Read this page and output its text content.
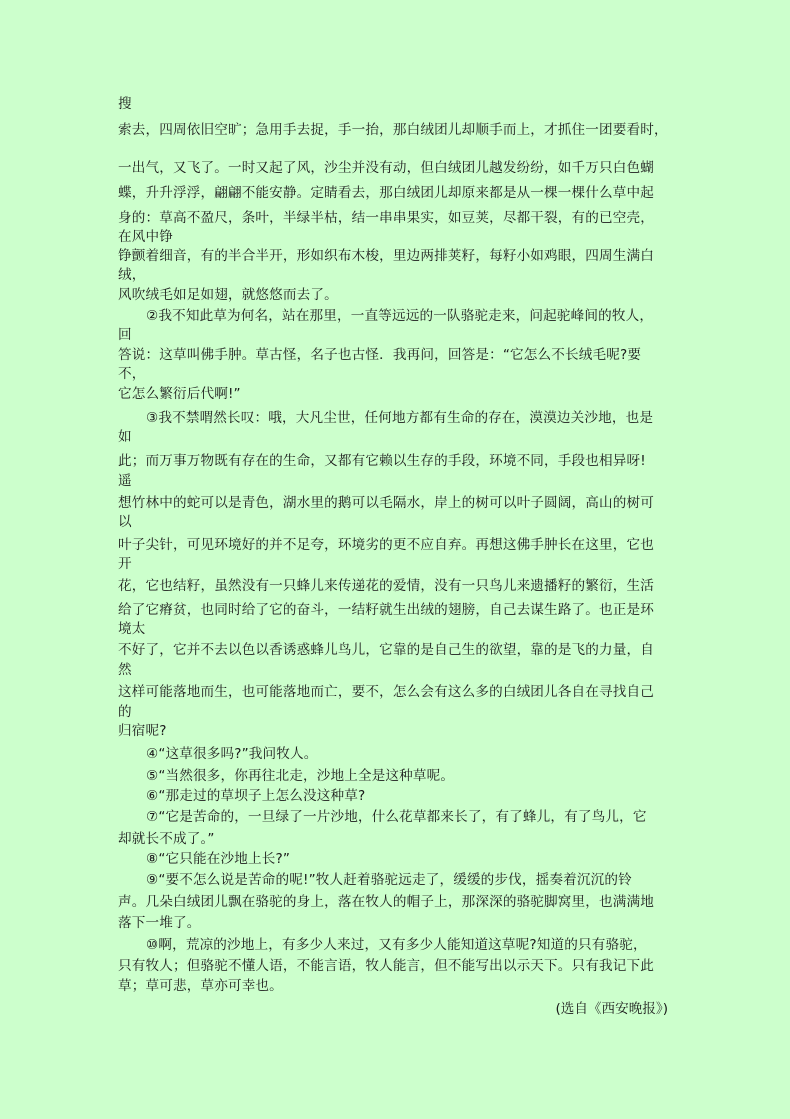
搜
索去，四周依旧空旷；急用手去捉，手一抬，那白绒团儿却顺手而上，才抓住一团要看时，
一出气，又飞了。一时又起了风，沙尘并没有动，但白绒团儿越发纷纷，如千万只白色蝴
蝶，升升浮浮，翩翩不能安静。定睛看去，那白绒团儿却原来都是从一棵一棵什么草中起
身的：草高不盈尺，条叶，半绿半枯，结一串串果实，如豆荚，尽都干裂，有的已空壳，
在风中铮
铮颤着细音，有的半合半开，形如织布木梭，里边两排荚籽，每籽小如鸡眼，四周生满白
绒，
风吹绒毛如足如翅，就悠悠而去了。
②我不知此草为何名，站在那里，一直等远远的一队骆驼走来，问起驼峰间的牧人，
回
答说：这草叫佛手肿。草古怪，名子也古怪．我再问，回答是：“它怎么不长绒毛呢?要
不，
它怎么繁衍后代啊!”
③我不禁喟然长叹：哦，大凡尘世，任何地方都有生命的存在，漠漠边关沙地，也是
如
此；而万事万物既有存在的生命，又都有它赖以生存的手段，环境不同，手段也相异呀!
遥
想竹林中的蛇可以是青色，湖水里的鹅可以毛隔水，岸上的树可以叶子圆阔，高山的树可
以
叶子尖针，可见环境好的并不足夸，环境劣的更不应自弃。再想这佛手肿长在这里，它也
开
花，它也结籽，虽然没有一只蜂儿来传递花的爱情，没有一只鸟儿来遗播籽的繁衍，生活
给了它瘠贫，也同时给了它的奋斗，一结籽就生出绒的翅膀，自己去谋生路了。也正是环
境太
不好了，它并不去以色以香诱惑蜂儿鸟儿，它靠的是自己生的欲望，靠的是飞的力量，自
然
这样可能落地而生，也可能落地而亡，要不，怎么会有这么多的白绒团儿各自在寻找自己
的
归宿呢?
④“这草很多吗?”我问牧人。
⑤“当然很多，你再往北走，沙地上全是这种草呢。
⑥“那走过的草坝子上怎么没这种草?
⑦“它是苦命的，一旦绿了一片沙地，什么花草都来长了，有了蜂儿，有了鸟儿，它
却就长不成了。”
⑧“它只能在沙地上长?”
⑨“要不怎么说是苦命的呢!”牧人赶着骆驼远走了，缓缓的步伐，摇奏着沉沉的铃
声。几朵白绒团儿飘在骆驼的身上，落在牧人的帽子上，那深深的骆驼脚窝里，也满满地
落下一堆了。
⑩啊，荒凉的沙地上，有多少人来过，又有多少人能知道这草呢?知道的只有骆驼，
只有牧人；但骆驼不懂人语，不能言语，牧人能言，但不能写出以示天下。只有我记下此
草；草可悲，草亦可幸也。
(选自《西安晚报》)
